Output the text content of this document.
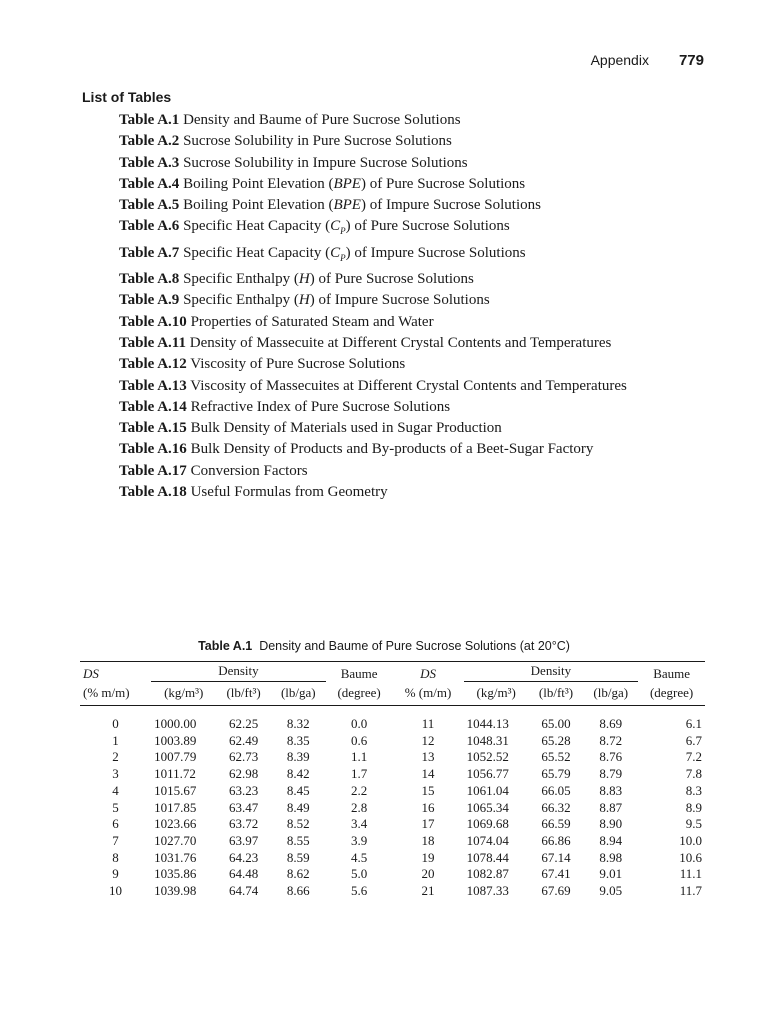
Appendix 779
List of Tables
Table A.1 Density and Baume of Pure Sucrose Solutions
Table A.2 Sucrose Solubility in Pure Sucrose Solutions
Table A.3 Sucrose Solubility in Impure Sucrose Solutions
Table A.4 Boiling Point Elevation (BPE) of Pure Sucrose Solutions
Table A.5 Boiling Point Elevation (BPE) of Impure Sucrose Solutions
Table A.6 Specific Heat Capacity $(C_P)$ of Pure Sucrose Solutions
Table A.7 Specific Heat Capacity $(C_P)$ of Impure Sucrose Solutions
Table A.8 Specific Enthalpy (H) of Pure Sucrose Solutions
Table A.9 Specific Enthalpy (H) of Impure Sucrose Solutions
Table A.10 Properties of Saturated Steam and Water
Table A.11 Density of Massecuite at Different Crystal Contents and Temperatures
Table A.12 Viscosity of Pure Sucrose Solutions
Table A.13 Viscosity of Massecuites at Different Crystal Contents and Temperatures
Table A.14 Refractive Index of Pure Sucrose Solutions
Table A.15 Bulk Density of Materials used in Sugar Production
Table A.16 Bulk Density of Products and By-products of a Beet-Sugar Factory
Table A.17 Conversion Factors
Table A.18 Useful Formulas from Geometry
Table A.1 Density and Baume of Pure Sucrose Solutions (at 20°C)
DS	Density			Baume	DS	Density			Baume
(% m/m)	(kg/m³)	(lb/ft³)	(lb/ga)	(degree)	% (m/m)	(kg/m³)	(lb/ft³)	(lb/ga)	(degree)
0	1000.00	62.25	8.32	0.0	11	1044.13	65.00	8.69	6.1
1	1003.89	62.49	8.35	0.6	12	1048.31	65.28	8.72	6.7
2	1007.79	62.73	8.39	1.1	13	1052.52	65.52	8.76	7.2
3	1011.72	62.98	8.42	1.7	14	1056.77	65.79	8.79	7.8
4	1015.67	63.23	8.45	2.2	15	1061.04	66.05	8.83	8.3
5	1017.85	63.47	8.49	2.8	16	1065.34	66.32	8.87	8.9
6	1023.66	63.72	8.52	3.4	17	1069.68	66.59	8.90	9.5
7	1027.70	63.97	8.55	3.9	18	1074.04	66.86	8.94	10.0
8	1031.76	64.23	8.59	4.5	19	1078.44	67.14	8.98	10.6
9	1035.86	64.48	8.62	5.0	20	1082.87	67.41	9.01	11.1
10	1039.98	64.74	8.66	5.6	21	1087.33	67.69	9.05	11.7
